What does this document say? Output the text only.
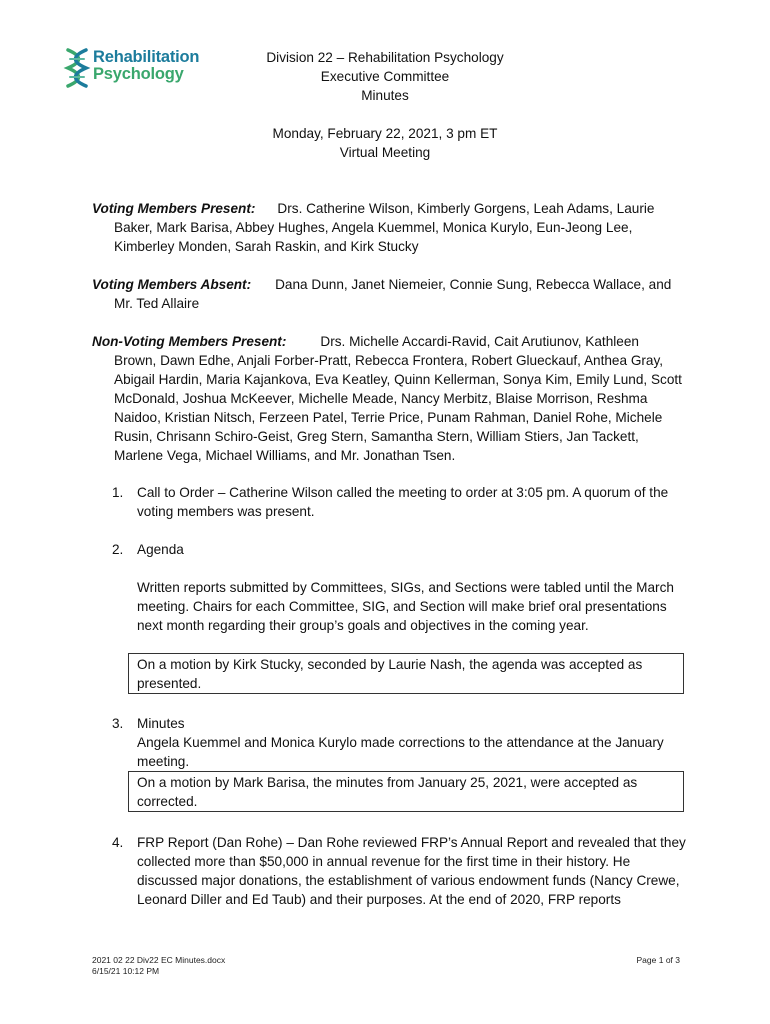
Rehabilitation
Psychology
Division 22 – Rehabilitation Psychology
Executive Committee
Minutes
Monday, February 22, 2021, 3 pm ET
Virtual Meeting

Voting Members Present: Drs. Catherine Wilson, Kimberly Gorgens, Leah Adams, Laurie Baker, Mark Barisa, Abbey Hughes, Angela Kuemmel, Monica Kurylo, Eun-Jeong Lee, Kimberley Monden, Sarah Raskin, and Kirk Stucky

Voting Members Absent: Dana Dunn, Janet Niemeier, Connie Sung, Rebecca Wallace, and Mr. Ted Allaire

Non-Voting Members Present:	Drs. Michelle Accardi-Ravid, Cait Arutiunov, Kathleen Brown, Dawn Edhe, Anjali Forber-Pratt, Rebecca Frontera, Robert Glueckauf, Anthea Gray, Abigail Hardin, Maria Kajankova, Eva Keatley, Quinn Kellerman, Sonya Kim, Emily Lund, Scott McDonald, Joshua McKeever, Michelle Meade, Nancy Merbitz, Blaise Morrison, Reshma Naidoo, Kristian Nitsch, Ferzeen Patel, Terrie Price, Punam Rahman, Daniel Rohe, Michele Rusin, Chrisann Schiro-Geist, Greg Stern, Samantha Stern, William Stiers, Jan Tackett, Marlene Vega, Michael Williams, and Mr. Jonathan Tsen.

1. Call to Order – Catherine Wilson called the meeting to order at 3:05 pm. A quorum of the voting members was present.

2. Agenda

Written reports submitted by Committees, SIGs, and Sections were tabled until the March meeting. Chairs for each Committee, SIG, and Section will make brief oral presentations next month regarding their group’s goals and objectives in the coming year.

On a motion by Kirk Stucky, seconded by Laurie Nash, the agenda was accepted as presented.
3. Minutes

Angela Kuemmel and Monica Kurylo made corrections to the attendance at the January meeting.

On a motion by Mark Barisa, the minutes from January 25, 2021, were accepted as corrected.
4. FRP Report (Dan Rohe) – Dan Rohe reviewed FRP’s Annual Report and revealed that they collected more than $50,000 in annual revenue for the first time in their history. He discussed major donations, the establishment of various endowment funds (Nancy Crewe, Leonard Diller and Ed Taub) and their purposes. At the end of 2020, FRP reports

2021 02 22 Div22 EC Minutes.docx
6/15/21 10:12 PM
Page 1 of 3
